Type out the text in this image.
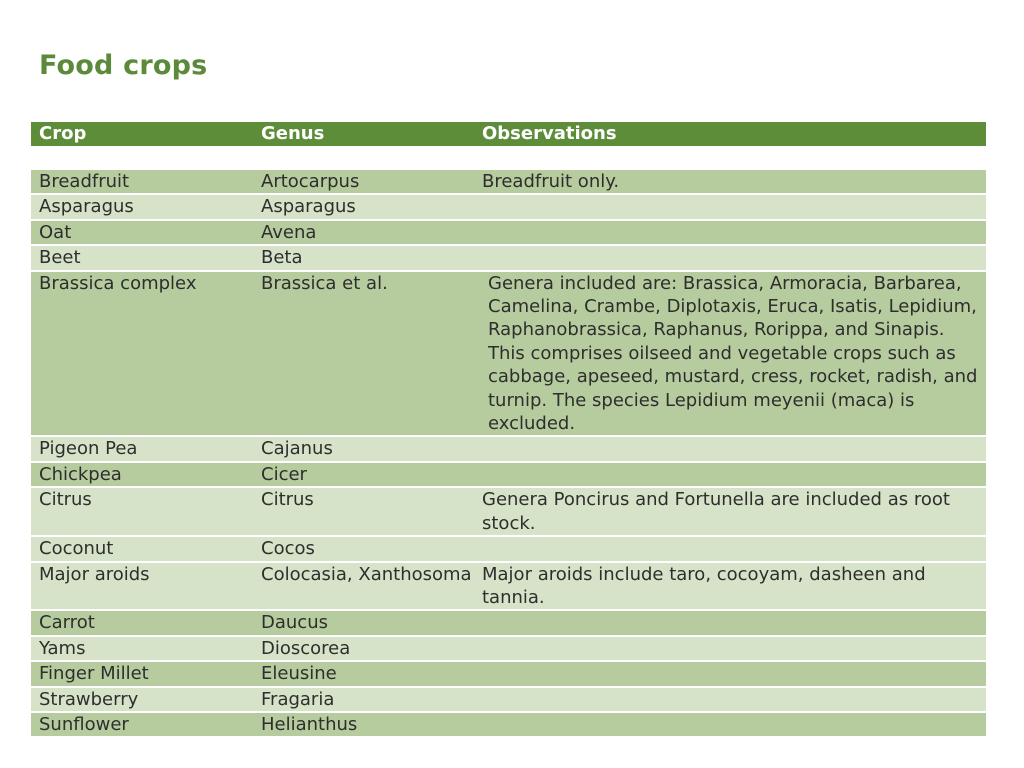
Food crops
Crop	Genus	Observations

Breadfruit	Artocarpus	Breadfruit only.
Asparagus	Asparagus	
Oat	Avena	
Beet	Beta	
Brassica complex	Brassica et al.	Genera included are: Brassica, Armoracia, Barbarea, Camelina, Crambe, Diplotaxis, Eruca, Isatis, Lepidium, Raphanobrassica, Raphanus, Rorippa, and Sinapis. This comprises oilseed and vegetable crops such as cabbage, apeseed, mustard, cress, rocket, radish, and turnip. The species Lepidium meyenii (maca) is excluded.
Pigeon Pea	Cajanus	
Chickpea	Cicer	
Citrus	Citrus	Genera Poncirus and Fortunella are included as root stock.
Coconut	Cocos	
Major aroids	Colocasia, Xanthosoma	Major aroids include taro, cocoyam, dasheen and tannia.
Carrot	Daucus	
Yams	Dioscorea	
Finger Millet	Eleusine	
Strawberry	Fragaria	
Sunflower	Helianthus	
